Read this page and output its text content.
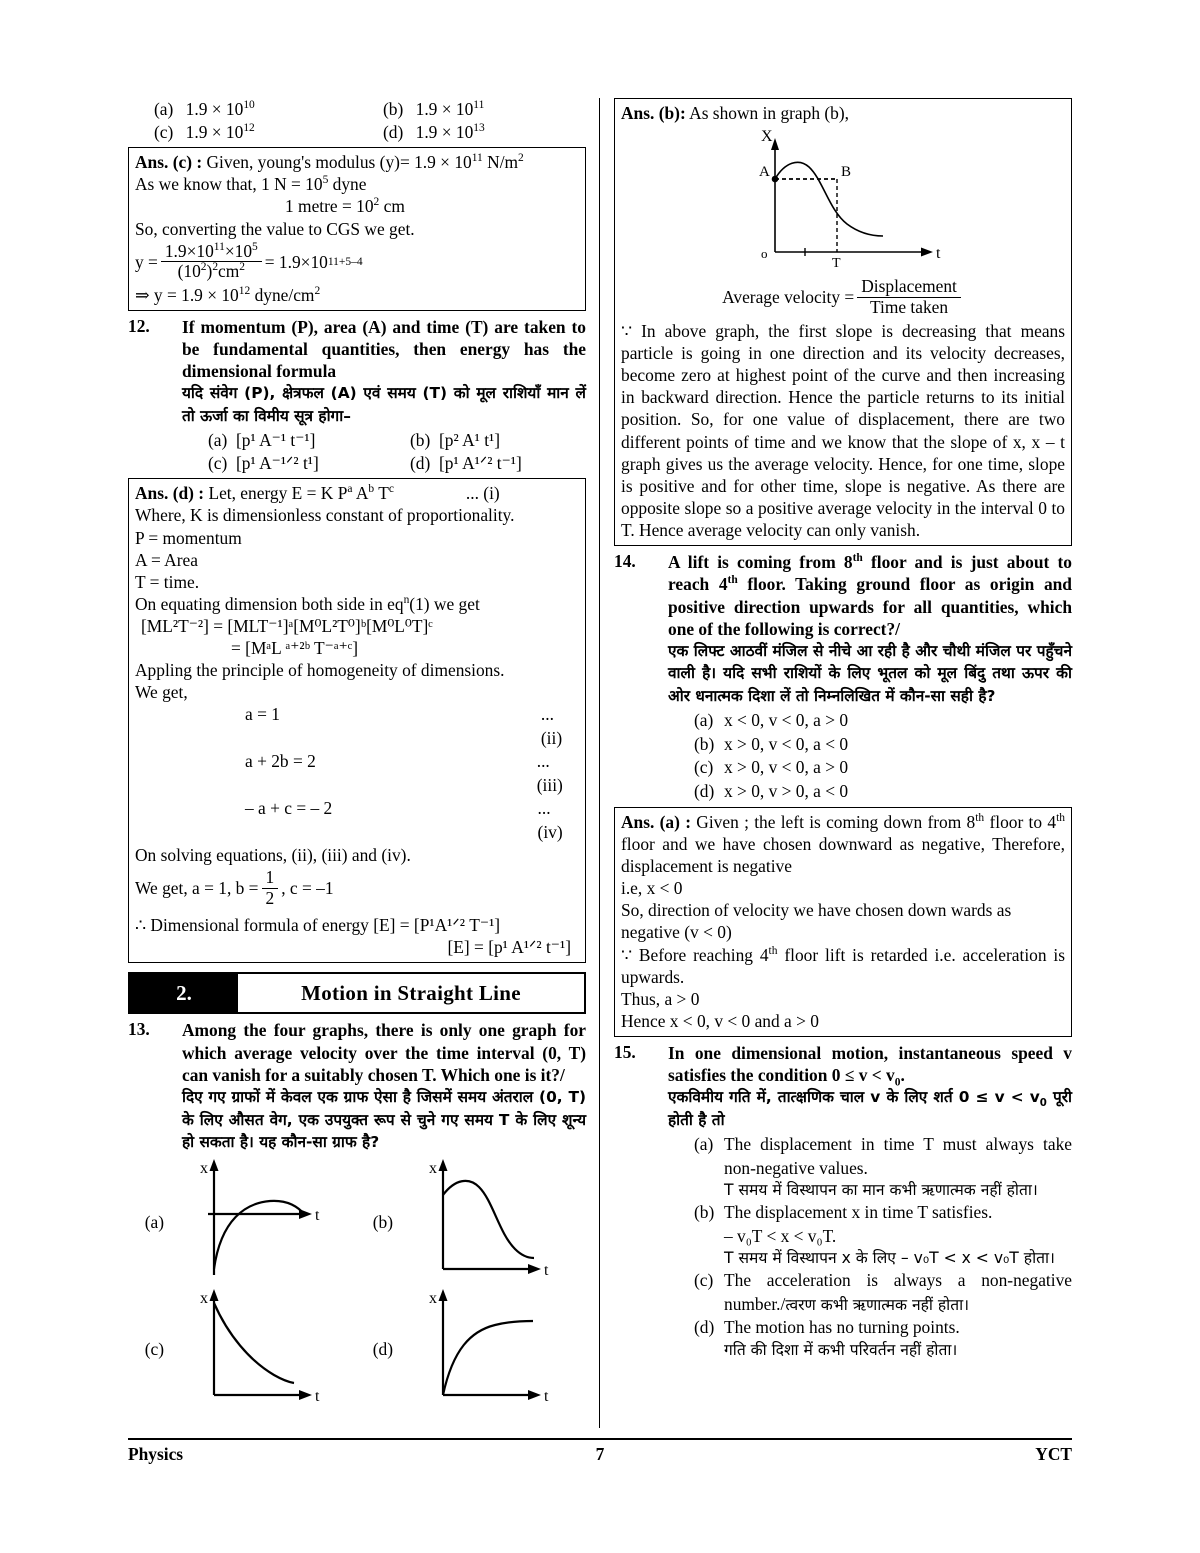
(a) $1.9 \times 10^{10}$	(b) $1.9 \times 10^{11}$
(c) $1.9 \times 10^{12}$	(d) $1.9 \times 10^{13}$

Ans. (c) : Given, young's modulus $(y)= 1.9 \times 10^{11}$ $N/m^2$

As we know that, 1 $N = 10^5$ dyne

1 metre = $10^2$ cm

So, converting the value to CGS we get.

$y = \frac{1.9\times 10^{11}\times 10^5}{(10^2)^2cm^2} = 1.9\times 10$ 11+5–4

⇒ $y = 1.9 \times 10^{12}$ dyne/$cm^2$

12.	If momentum (P), area (A) and time (T) are taken to be fundamental quantities, then energy has the dimensional formula
यदि संवेग (P), क्षेत्रफल (A) एवं समय (T) को मूल राशियाँ मान लें तो ऊर्जा का विमीय सूत्र होगा–
(a) [p¹ A⁻¹ t⁻¹]	(b) [p² A¹ t¹]
(c) [p¹ A⁻¹ᐟ² t¹]	(d) [p¹ A¹ᐟ² t⁻¹]

Ans. (d) : Let, energy E = K $P^a$ $A^b$ $T^c$	... (i)

Where, K is dimensionless constant of proportionality.

P = momentum

A = Area

T = time.

On equating dimension both side in $eq^n(1)$ we get

[ML²T⁻²] = [MLT⁻¹]ᵃ[M⁰L²T⁰]ᵇ[M⁰L⁰T]ᶜ

= [MᵃL ᵃ⁺²ᵇ T⁻ᵃ⁺ᶜ]

Appling the principle of homogeneity of dimensions.

We get,

a = 1	... (ii)
a + 2b = 2	... (iii)
– a + c = – 2	... (iv)

On solving equations, (ii), (iii) and (iv).

We get, a = 1, $b = \frac{1}{2}$ , c = –1

∴ Dimensional formula of energy [E] = [P¹A¹ᐟ² T⁻¹]

[E] = [p¹ A¹ᐟ² t⁻¹]

2.	Motion in Straight Line
13.	Among the four graphs, there is only one graph for which average velocity over the time interval (0, T) can vanish for a suitably chosen T. Which one is it?/
दिए गए ग्राफों में केवल एक ग्राफ ऐसा है जिसमें समय अंतराल (0, T) के लिए औसत वेग, एक उपयुक्त रूप से चुने गए समय T के लिए शून्य हो सकता है। यह कौन-सा ग्राफ है?
(a)
x
t	(b)
x
t
(c)
x
t
(d)
x
t

Ans. (b): As shown in graph (b),

X
t
o
A	B
T
Average velocity = $\frac{\text{Displacement}}{\text{Time taken}}$

∵ In above graph, the first slope is decreasing that means particle is going in one direction and its velocity decreases, become zero at highest point of the curve and then increasing in backward direction. Hence the particle returns to its initial position. So, for one value of displacement, there are two different points of time and we know that the slope of x, x – t graph gives us the average velocity. Hence, for one time, slope is positive and for other time, slope is negative. As there are opposite slope so a positive average velocity in the interval 0 to T. Hence average velocity can only vanish.

14.	A lift is coming from 8th floor and is just about to reach 4th floor. Taking ground floor as origin and positive direction upwards for all quantities, which one of the following is correct?/
एक लिफ्ट आठवीं मंजिल से नीचे आ रही है और चौथी मंजिल पर पहुँचने वाली है। यदि सभी राशियों के लिए भूतल को मूल बिंदु तथा ऊपर की ओर धनात्मक दिशा लें तो निम्नलिखित में कौन-सा सही है?
(a) x < 0, v < 0, a > 0
(b) x > 0, v < 0, a < 0
(c) x > 0, v < 0, a > 0
(d) x > 0, v > 0, a < 0

Ans. (a) : Given ; the left is coming down from 8th floor to 4th floor and we have chosen downward as negative, Therefore, displacement is negative

i.e, x < 0

So, direction of velocity we have chosen down wards as negative (v < 0)

∵ Before reaching 4th floor lift is retarded i.e. acceleration is upwards.

Thus, a > 0

Hence x < 0, v < 0 and a > 0

15.	In one dimensional motion, instantaneous speed v satisfies the condition $0 \le v < v_0$.
एकविमीय गति में, तात्क्षणिक चाल v के लिए शर्त $0 \le v < v_0$ पूरी होती है तो
(a) The displacement in time T must always take non-negative values.
T समय में विस्थापन का मान कभी ऋणात्मक नहीं होता।
(b) The displacement x in time T satisfies.
– v₀T < x < v₀T.
T समय में विस्थापन x के लिए – v₀T < x < v₀T होता।
(c) The acceleration is always a non-negative number./त्वरण कभी ऋणात्मक नहीं होता।
(d) The motion has no turning points.
गति की दिशा में कभी परिवर्तन नहीं होता।
Physics	7	YCT
